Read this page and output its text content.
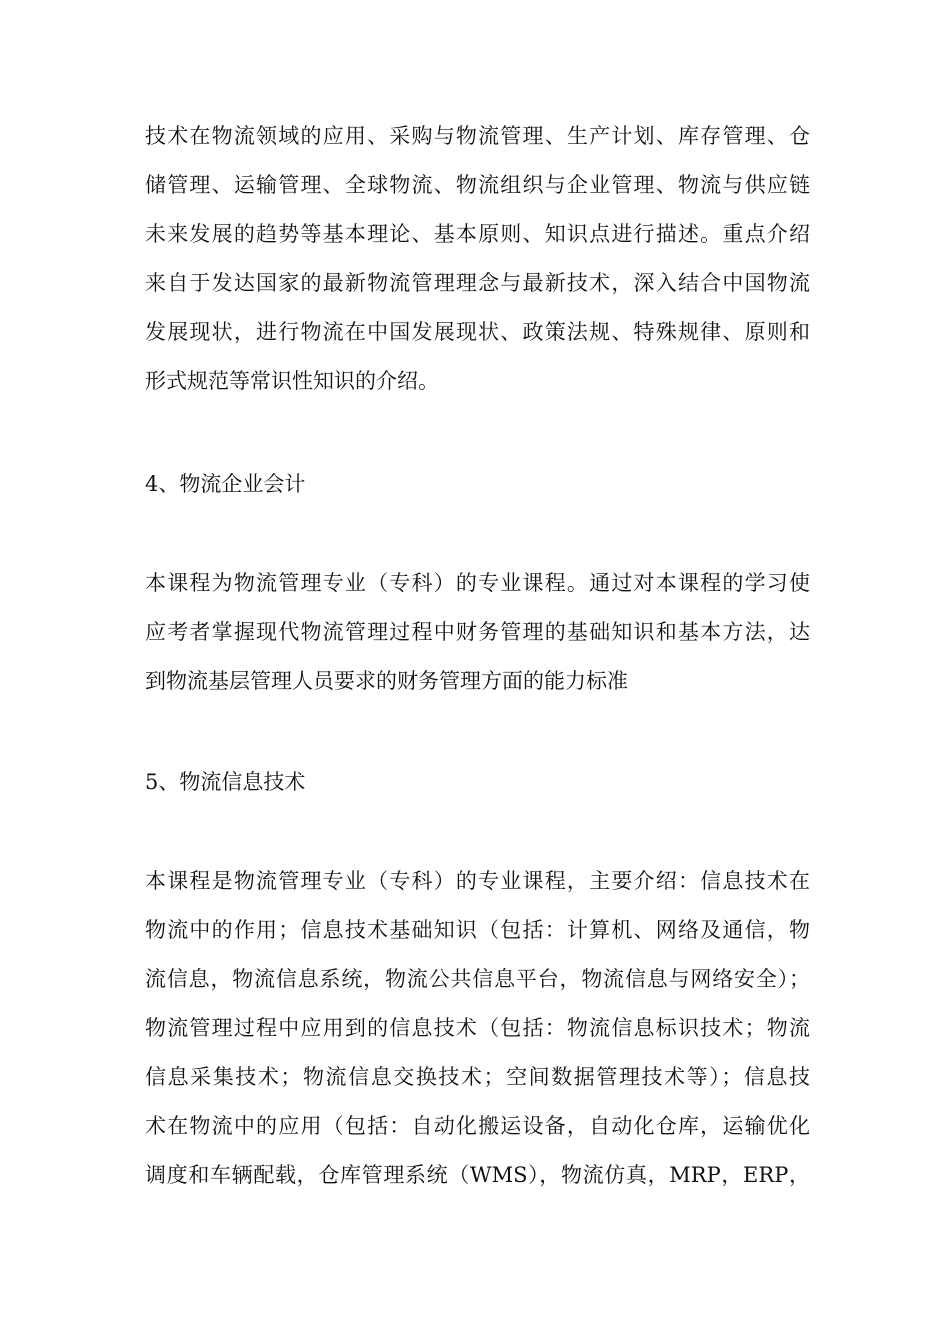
技术在物流领域的应用、采购与物流管理、生产计划、库存管理、仓
储管理、运输管理、全球物流、物流组织与企业管理、物流与供应链
未来发展的趋势等基本理论、基本原则、知识点进行描述。重点介绍
来自于发达国家的最新物流管理理念与最新技术，深入结合中国物流
发展现状，进行物流在中国发展现状、政策法规、特殊规律、原则和
形式规范等常识性知识的介绍。
4、物流企业会计
本课程为物流管理专业（专科）的专业课程。通过对本课程的学习使
应考者掌握现代物流管理过程中财务管理的基础知识和基本方法，达
到物流基层管理人员要求的财务管理方面的能力标准
5、物流信息技术
本课程是物流管理专业（专科）的专业课程，主要介绍：信息技术在
物流中的作用；信息技术基础知识（包括：计算机、网络及通信，物
流信息，物流信息系统，物流公共信息平台，物流信息与网络安全）；
物流管理过程中应用到的信息技术（包括：物流信息标识技术；物流
信息采集技术；物流信息交换技术；空间数据管理技术等）；信息技
术在物流中的应用（包括：自动化搬运设备，自动化仓库，运输优化
调度和车辆配载，仓库管理系统（WMS），物流仿真，MRP，ERP，
